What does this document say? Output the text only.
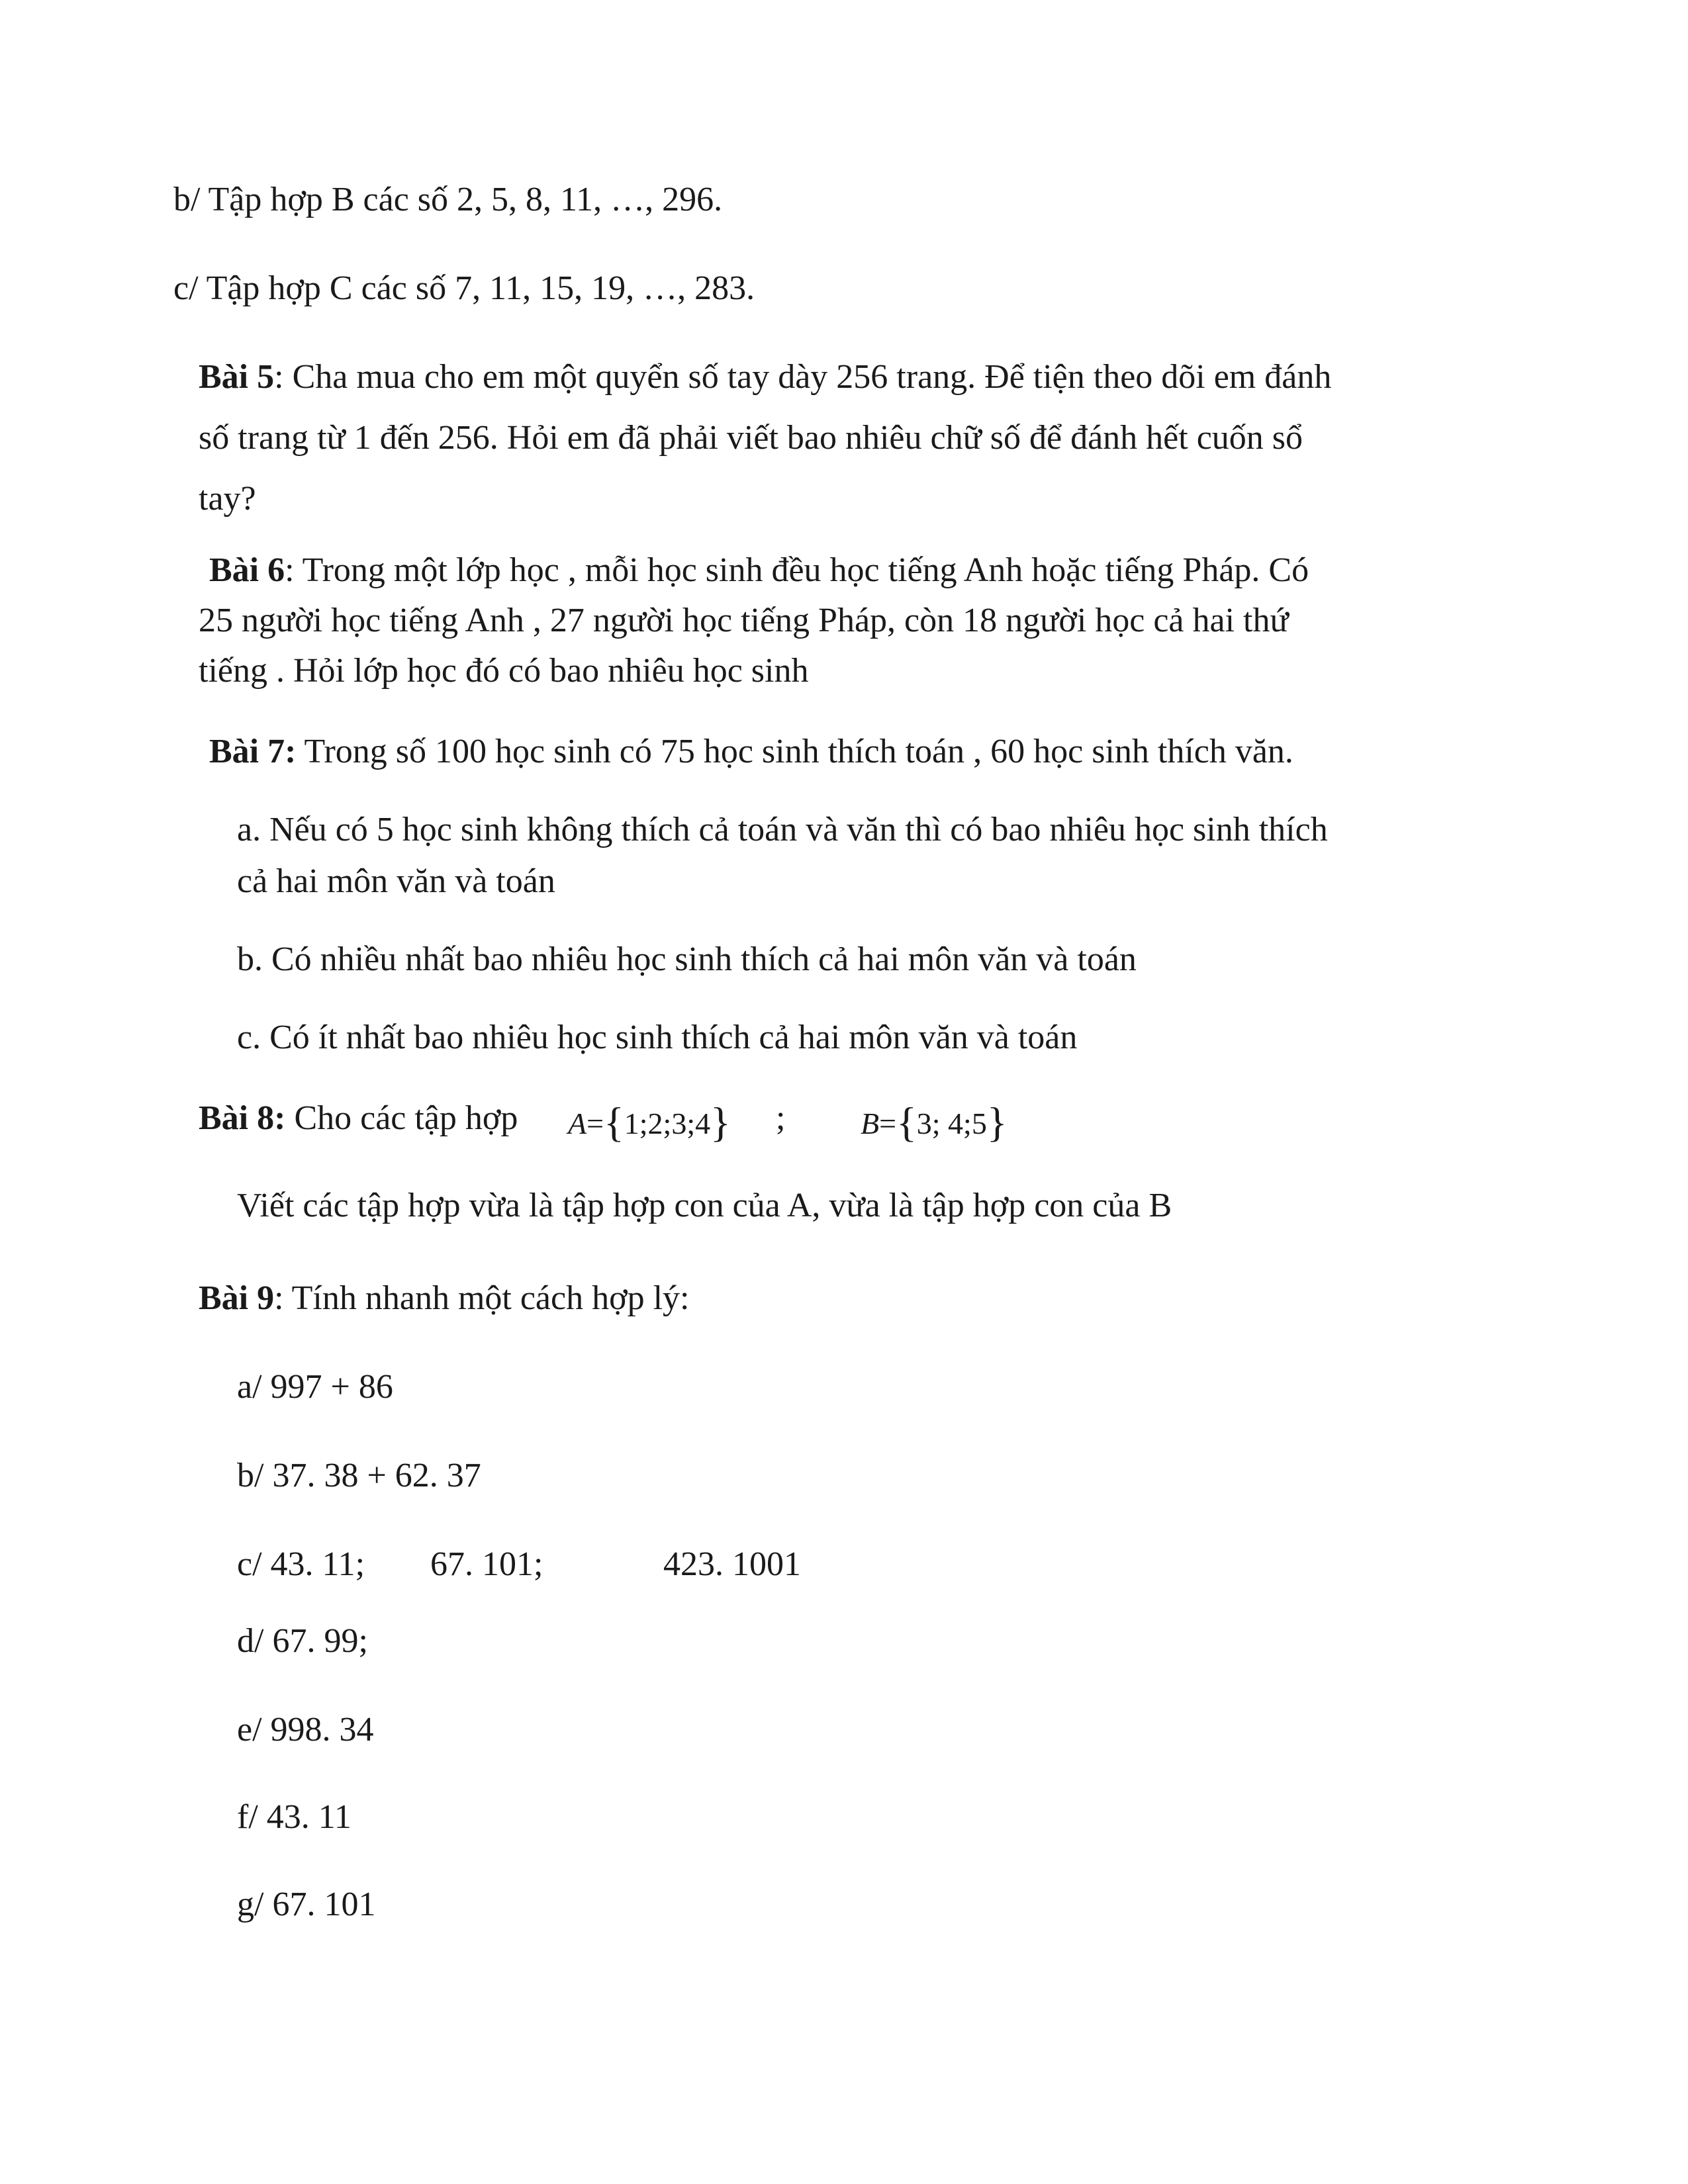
b/ Tập hợp B các số 2, 5, 8, 11, …, 296.
c/ Tập hợp C các số 7, 11, 15, 19, …, 283.
Bài 5: Cha mua cho em một quyển số tay dày 256 trang. Để tiện theo dõi em đánh
số trang từ 1 đến 256. Hỏi em đã phải viết bao nhiêu chữ số để đánh hết cuốn sổ
tay?
Bài 6: Trong một lớp học , mỗi học sinh đều học tiếng Anh hoặc tiếng Pháp. Có
25 người học tiếng Anh , 27 người học tiếng Pháp, còn 18 người học cả hai thứ
tiếng . Hỏi lớp học đó có bao nhiêu học sinh
Bài 7: Trong số 100 học sinh có 75 học sinh thích toán , 60 học sinh thích văn.
a. Nếu có 5 học sinh không thích cả toán và văn thì có bao nhiêu học sinh thích
cả hai môn văn và toán
b. Có nhiều nhất bao nhiêu học sinh thích cả hai môn văn và toán
c. Có ít nhất bao nhiêu học sinh thích cả hai môn văn và toán
Bài 8: Cho các tập hợp A={1;2;3;4} ; B={3; 4;5}
Viết các tập hợp vừa là tập hợp con của A, vừa là tập hợp con của B
Bài 9: Tính nhanh một cách hợp lý:
a/ 997 + 86
b/ 37. 38 + 62. 37
c/ 43. 11; 67. 101;	423. 1001
d/ 67. 99;
e/ 998. 34
f/ 43. 11
g/ 67. 101
